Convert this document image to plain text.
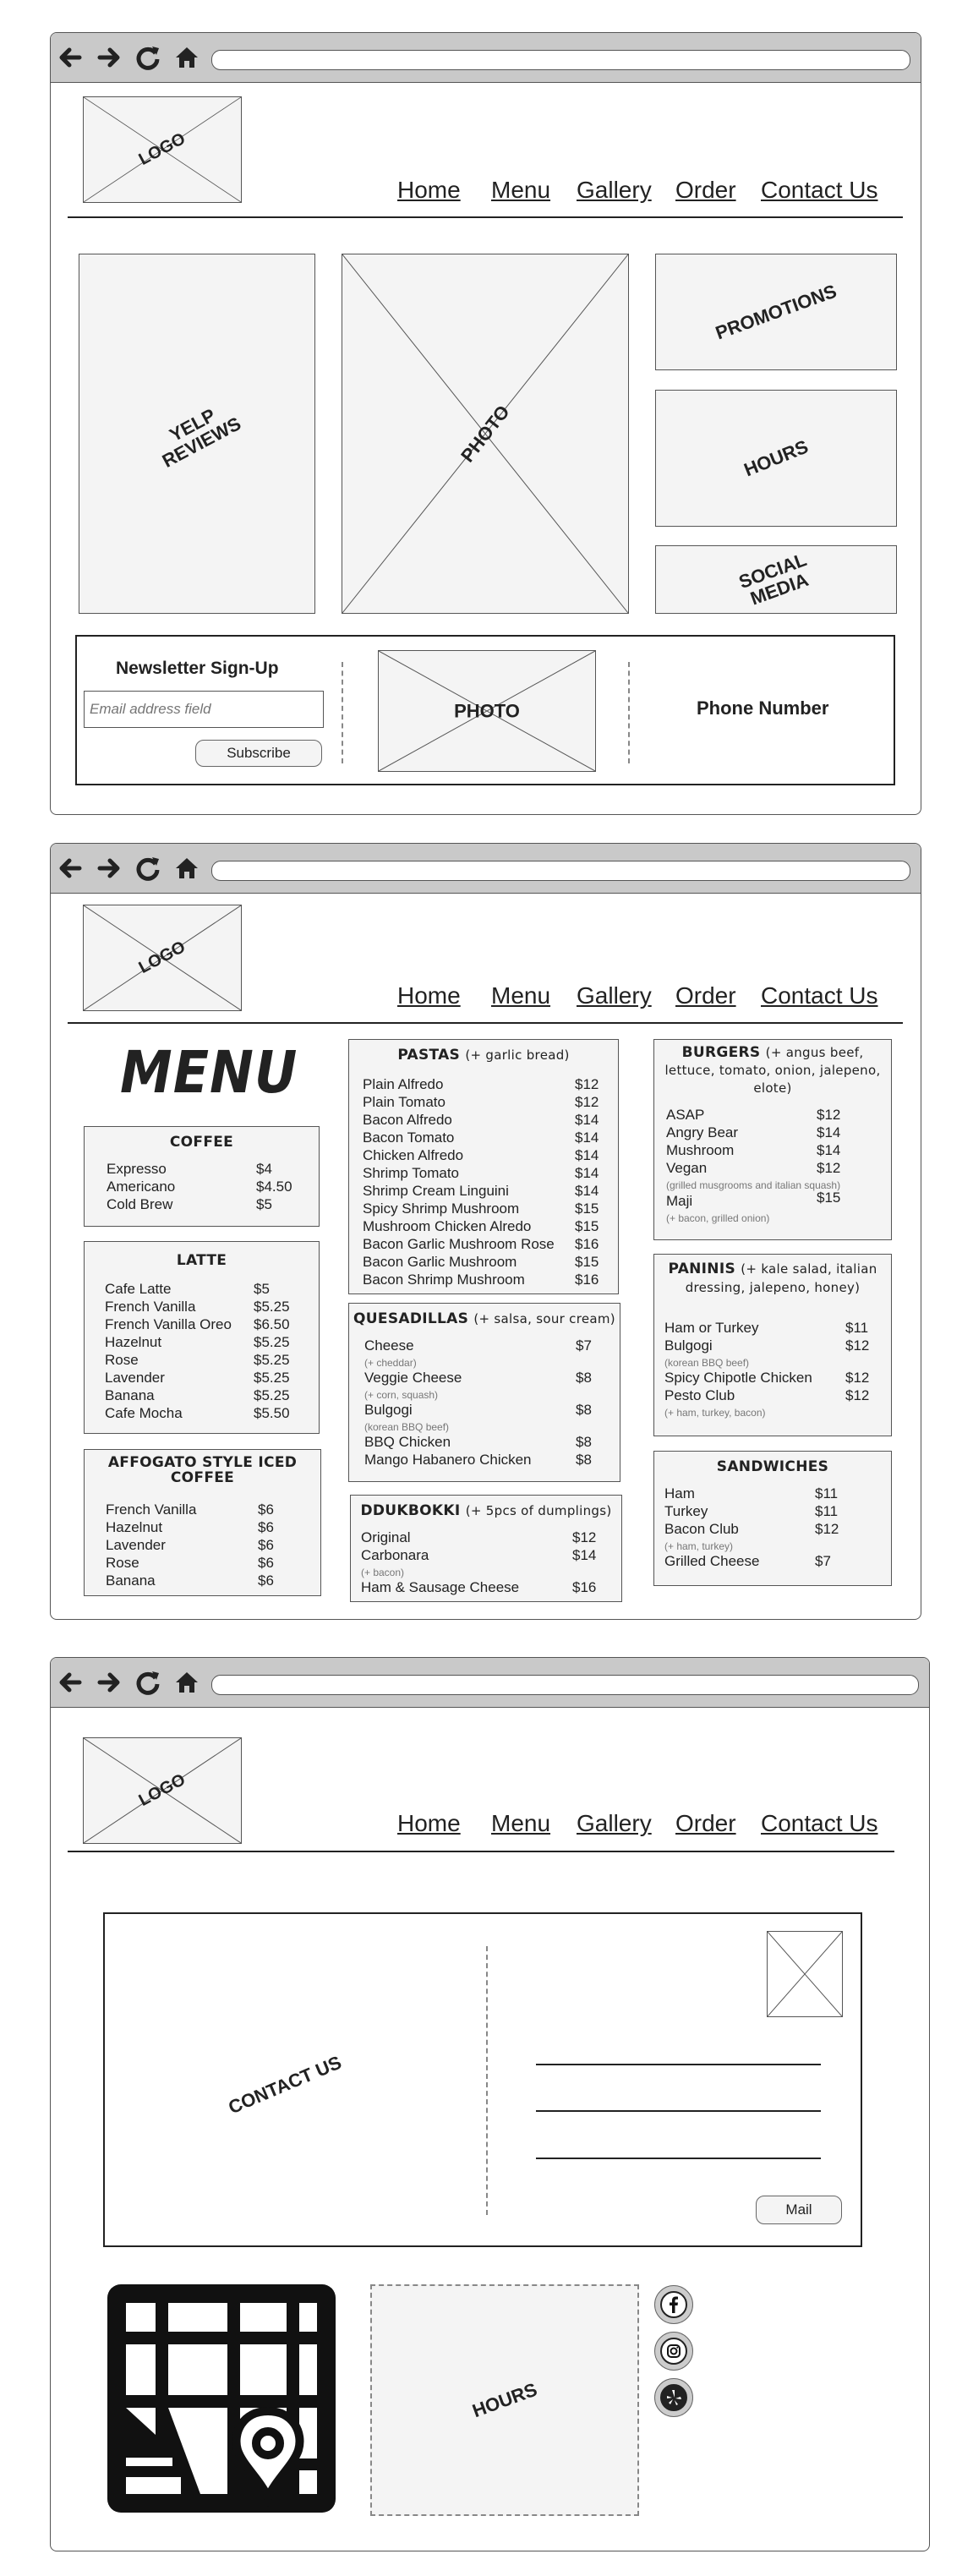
LOGO
Home Menu Gallery Order Contact Us
YELP
REVIEWS	PHOTO
PROMOTIONS
HOURS
SOCIAL
MEDIA
Newsletter Sign-Up
Email address field
Subscribe
PHOTO	Phone Number
LOGO
Home Menu Gallery Order Contact Us
MENU
COFFEE
Expresso	$4
Americano	$4.50
Cold Brew	$5
LATTE
Cafe Latte	$5
French Vanilla	$5.25
French Vanilla Oreo $6.50
Hazelnut	$5.25
Rose	$5.25
Lavender	$5.25
Banana	$5.25
Cafe Mocha	$5.50
AFFOGATO STYLE ICED
COFFEE
French Vanilla	$6
Hazelnut	$6
Lavender	$6
Rose	$6
Banana	$6
PASTAS (+ garlic bread)
Plain Alfredo	$12
Plain Tomato	$12
Bacon Alfredo	$14
Bacon Tomato	$14
Chicken Alfredo	$14
Shrimp Tomato	$14
Shrimp Cream Linguini	$14
Spicy Shrimp Mushroom	$15
Mushroom Chicken Alredo	$15
Bacon Garlic Mushroom Rose $16
Bacon Garlic Mushroom	$15
Bacon Shrimp Mushroom	$16
QUESADILLAS (+ salsa, sour cream)
Cheese	$7
(+ cheddar)
Veggie Cheese	$8
(+ corn, squash)
Bulgogi	$8
(korean BBQ beef)
BBQ Chicken	$8
Mango Habanero Chicken	$8
DDUKBOKKI (+ 5pcs of dumplings)
Original	$12
Carbonara	$14
(+ bacon)
Ham & Sausage Cheese	$16
BURGERS (+ angus beef,
lettuce, tomato, onion, jalepeno,
elote)
ASAP	$12
Angry Bear	$14
Mushroom	$14
Vegan	$12
(grilled musgrooms and italian squash)
Maji	$15
(+ bacon, grilled onion)
PANINIS (+ kale salad, italian
dressing, jalepeno, honey)
Ham or Turkey	$11
Bulgogi	$12
(korean BBQ beef)
Spicy Chipotle Chicken $12
Pesto Club	$12
(+ ham, turkey, bacon)
SANDWICHES
Ham	$11
Turkey	$11
Bacon Club	$12
(+ ham, turkey)
Grilled Cheese	$7
LOGO
Home Menu Gallery Order Contact Us
CONTACT US
Mail
HOURS
